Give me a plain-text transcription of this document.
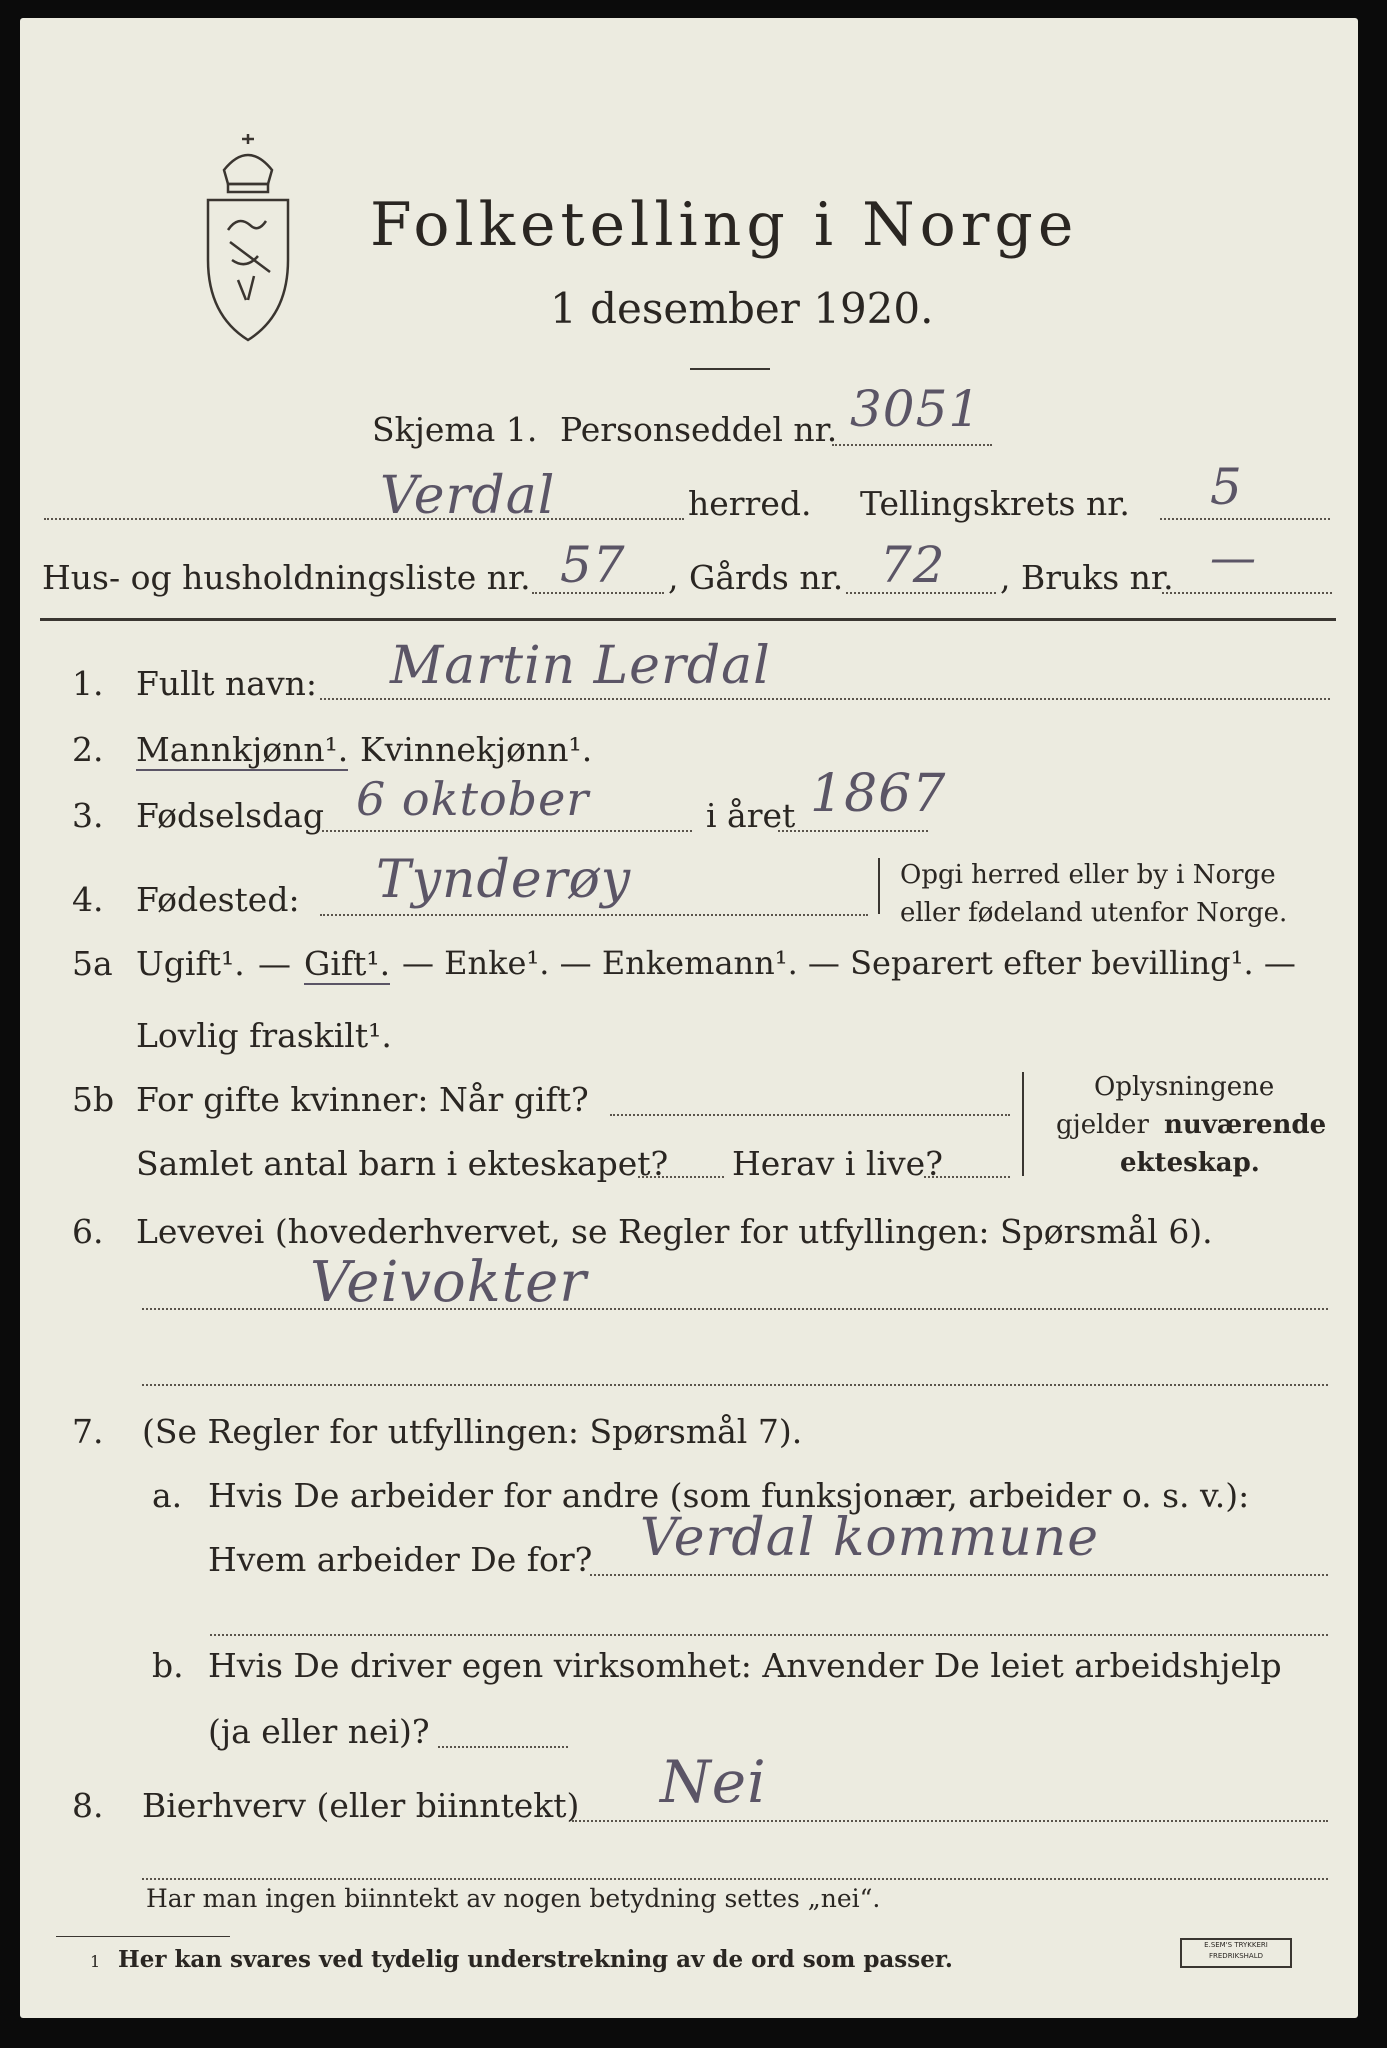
Folketelling i Norge
1 desember 1920.
Skjema 1. Personseddel nr. 3051
Verdal	herred. Tellingskrets nr. 5
Hus- og husholdningsliste nr. 57 , Gårds nr. 72 , Bruks nr. —
1. Fullt navn: Martin Lerdal
2. Mannkjønn¹. Kvinnekjønn¹.
3. Fødselsdag 6 oktober	i året 1867
4. Fødested: Tynderøy	Opgi herred eller by i Norge
eller fødeland utenfor Norge.
5a Ugift¹. — Gift¹. — Enke¹. — Enkemann¹. — Separert efter bevilling¹. —
Lovlig fraskilt¹.
5b For gifte kvinner: Når gift?
Samlet antal barn i ekteskapet? Herav i live?
Oplysningene
gjelder nuværende
ekteskap.
6. Levevei (hovederhvervet, se Regler for utfyllingen: Spørsmål 6).
Veivokter
7. (Se Regler for utfyllingen: Spørsmål 7).
a. Hvis De arbeider for andre (som funksjonær, arbeider o. s. v.):
Hvem arbeider De for? Verdal kommune
b. Hvis De driver egen virksomhet: Anvender De leiet arbeidshjelp
(ja eller nei)?
8. Bierhverv (eller biinntekt) Nei
Har man ingen biinntekt av nogen betydning settes „nei“.
1 Her kan svares ved tydelig understrekning av de ord som passer.
E.SEM'S TRYKKERI
FREDRIKSHALD
